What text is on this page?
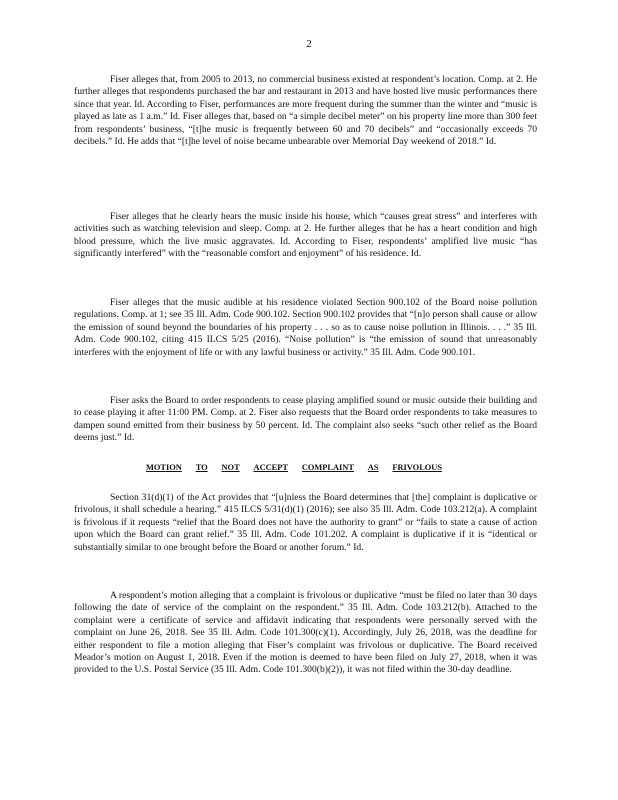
2

Fiser alleges that, from 2005 to 2013, no commercial business existed at respondent’s location. Comp. at 2. He further alleges that respondents purchased the bar and restaurant in 2013 and have hosted live music performances there since that year. Id. According to Fiser, performances are more frequent during the summer than the winter and “music is played as late as 1 a.m.” Id. Fiser alleges that, based on “a simple decibel meter” on his property line more than 300 feet from respondents’ business, “[t]he music is frequently between 60 and 70 decibels” and “occasionally exceeds 70 decibels.” Id. He adds that “[t]he level of noise became unbearable over Memorial Day weekend of 2018.” Id.

Fiser alleges that he clearly hears the music inside his house, which “causes great stress” and interferes with activities such as watching television and sleep. Comp. at 2. He further alleges that he has a heart condition and high blood pressure, which the live music aggravates. Id. According to Fiser, respondents’ amplified live music “has significantly interfered” with the “reasonable comfort and enjoyment” of his residence. Id.

Fiser alleges that the music audible at his residence violated Section 900.102 of the Board noise pollution regulations. Comp. at 1; see 35 Ill. Adm. Code 900.102. Section 900.102 provides that “[n]o person shall cause or allow the emission of sound beyond the boundaries of his property . . . so as to cause noise pollution in Illinois. . . .” 35 Ill. Adm. Code 900.102, citing 415 ILCS 5/25 (2016). “Noise pollution” is “the emission of sound that unreasonably interferes with the enjoyment of life or with any lawful business or activity.” 35 Ill. Adm. Code 900.101.

Fiser asks the Board to order respondents to cease playing amplified sound or music outside their building and to cease playing it after 11:00 PM. Comp. at 2. Fiser also requests that the Board order respondents to take measures to dampen sound emitted from their business by 50 percent. Id. The complaint also seeks “such other relief as the Board deems just.” Id.

MOTION TO NOT ACCEPT COMPLAINT AS FRIVOLOUS

Section 31(d)(1) of the Act provides that “[u]nless the Board determines that [the] complaint is duplicative or frivolous, it shall schedule a hearing.” 415 ILCS 5/31(d)(1) (2016); see also 35 Ill. Adm. Code 103.212(a). A complaint is frivolous if it requests “relief that the Board does not have the authority to grant” or “fails to state a cause of action upon which the Board can grant relief.” 35 Ill. Adm. Code 101.202. A complaint is duplicative if it is “identical or substantially similar to one brought before the Board or another forum.” Id.

A respondent’s motion alleging that a complaint is frivolous or duplicative “must be filed no later than 30 days following the date of service of the complaint on the respondent.” 35 Ill. Adm. Code 103.212(b). Attached to the complaint were a certificate of service and affidavit indicating that respondents were personally served with the complaint on June 26, 2018. See 35 Ill. Adm. Code 101.300(c)(1). Accordingly, July 26, 2018, was the deadline for either respondent to file a motion alleging that Fiser’s complaint was frivolous or duplicative. The Board received Meador’s motion on August 1, 2018. Even if the motion is deemed to have been filed on July 27, 2018, when it was provided to the U.S. Postal Service (35 Ill. Adm. Code 101.300(b)(2)), it was not filed within the 30-day deadline.
